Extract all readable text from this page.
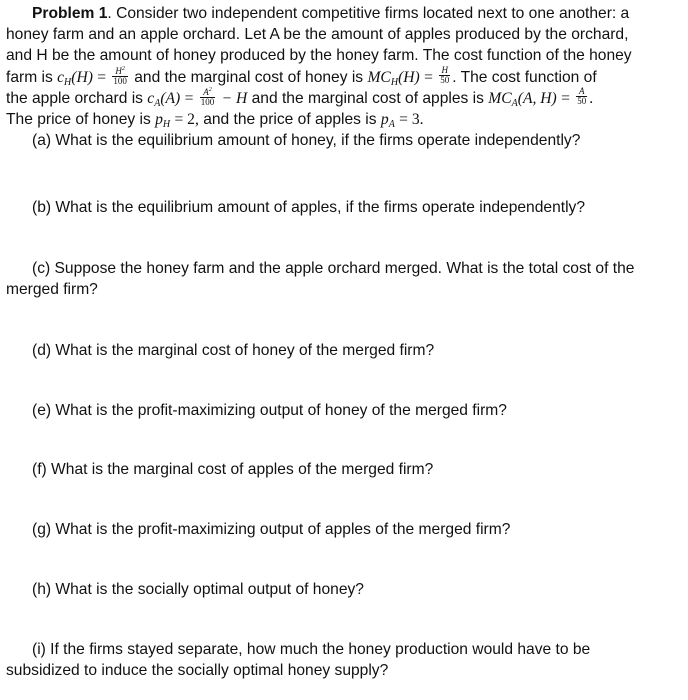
Problem 1. Consider two independent competitive firms located next to one another: a
honey farm and an apple orchard. Let A be the amount of apples produced by the orchard,
and H be the amount of honey produced by the honey farm. The cost function of the honey
farm is $cH(H) = \frac{H^2}{100}$ and the marginal cost of honey is $MCH(H) = \frac{H}{50}$ . The cost function of
the apple orchard is $cA(A) = \frac{A^2}{100} - H$ and the marginal cost of apples is MCA(A, $H) = \frac{A}{50}$ .
The price of honey is pH = 2, and the price of apples is pA = 3.
(a) What is the equilibrium amount of honey, if the firms operate independently?
(b) What is the equilibrium amount of apples, if the firms operate independently?
(c) Suppose the honey farm and the apple orchard merged. What is the total cost of the
merged firm?
(d) What is the marginal cost of honey of the merged firm?
(e) What is the profit-maximizing output of honey of the merged firm?
(f) What is the marginal cost of apples of the merged firm?
(g) What is the profit-maximizing output of apples of the merged firm?
(h) What is the socially optimal output of honey?
(i) If the firms stayed separate, how much the honey production would have to be
subsidized to induce the socially optimal honey supply?
